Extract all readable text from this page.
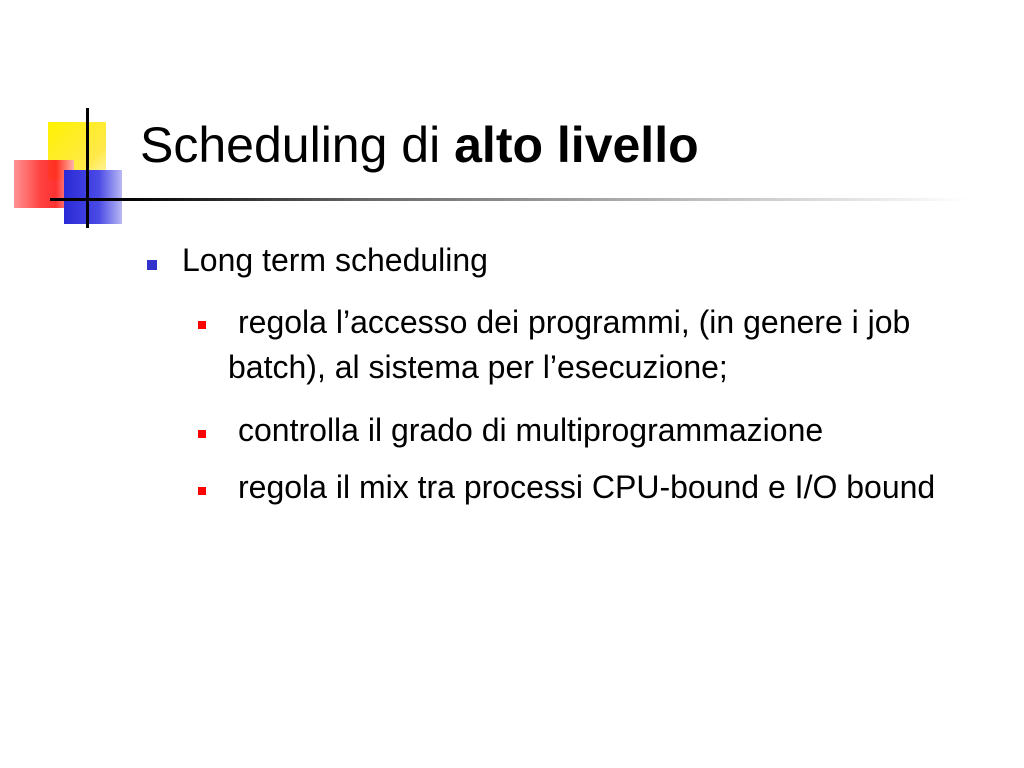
Scheduling di alto livello
Long term scheduling
regola l’accesso dei programmi, (in genere i job batch), al sistema per l’esecuzione;
controlla il grado di multiprogrammazione
regola il mix tra processi CPU-bound e I/O bound
